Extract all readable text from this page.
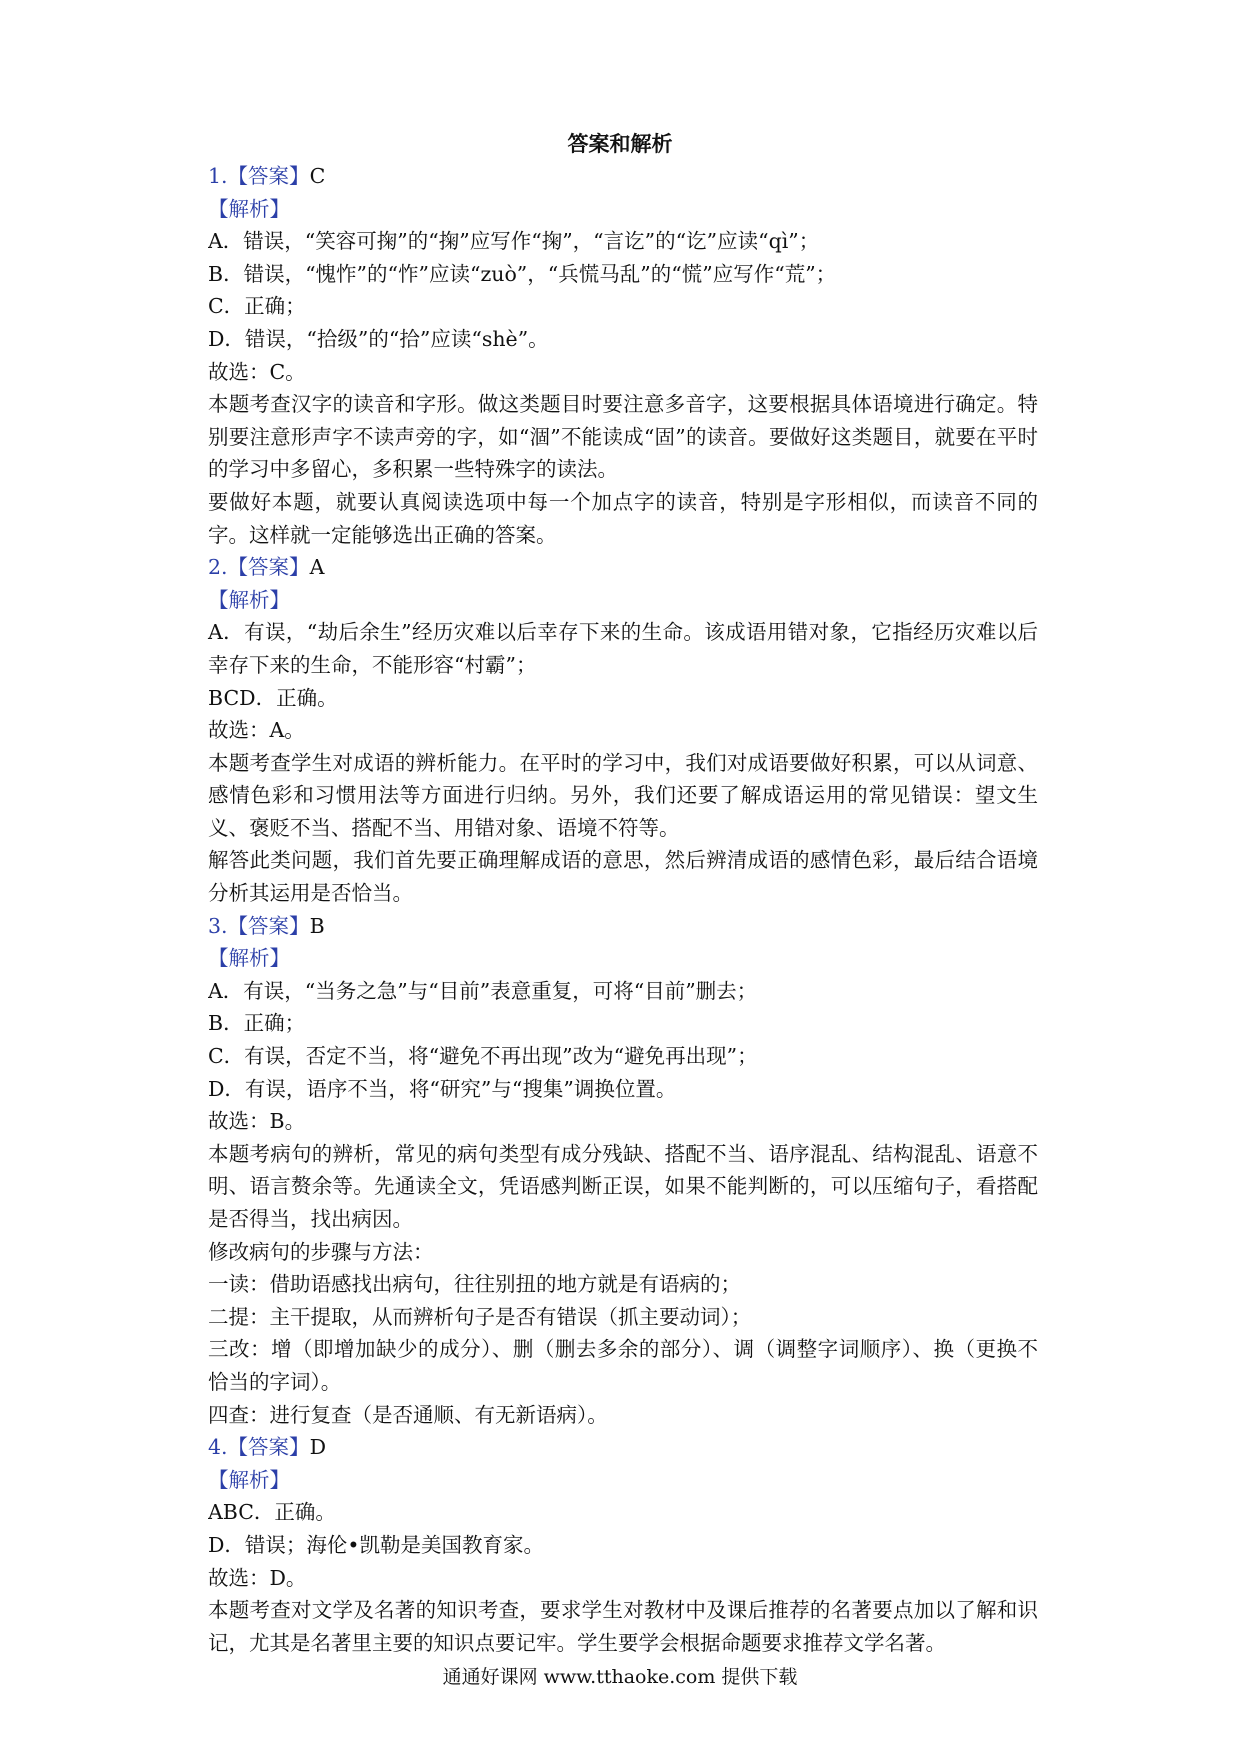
答案和解析
1.【答案】C
【解析】
A．错误，“笑容可掬”的“掬”应写作“掬”，“言讫”的“讫”应读“qì”；
B．错误，“愧怍”的“怍”应读“zuò”，“兵慌马乱”的“慌”应写作“荒”；
C．正确；
D．错误，“拾级”的“拾”应读“shè”。
故选：C。
本题考查汉字的读音和字形。做这类题目时要注意多音字，这要根据具体语境进行确定。特别要注意形声字不读声旁的字，如“涸”不能读成“固”的读音。要做好这类题目，就要在平时的学习中多留心，多积累一些特殊字的读法。
要做好本题，就要认真阅读选项中每一个加点字的读音，特别是字形相似，而读音不同的字。这样就一定能够选出正确的答案。
2.【答案】A
【解析】
A．有误，“劫后余生”经历灾难以后幸存下来的生命。该成语用错对象，它指经历灾难以后幸存下来的生命，不能形容“村霸”；
BCD．正确。
故选：A。
本题考查学生对成语的辨析能力。在平时的学习中，我们对成语要做好积累，可以从词意、感情色彩和习惯用法等方面进行归纳。另外，我们还要了解成语运用的常见错误：望文生义、褒贬不当、搭配不当、用错对象、语境不符等。
解答此类问题，我们首先要正确理解成语的意思，然后辨清成语的感情色彩，最后结合语境分析其运用是否恰当。
3.【答案】B
【解析】
A．有误，“当务之急”与“目前”表意重复，可将“目前”删去；
B．正确；
C．有误，否定不当，将“避免不再出现”改为“避免再出现”；
D．有误，语序不当，将“研究”与“搜集”调换位置。
故选：B。
本题考病句的辨析，常见的病句类型有成分残缺、搭配不当、语序混乱、结构混乱、语意不明、语言赘余等。先通读全文，凭语感判断正误，如果不能判断的，可以压缩句子，看搭配是否得当，找出病因。
修改病句的步骤与方法：
一读：借助语感找出病句，往往别扭的地方就是有语病的；
二提：主干提取，从而辨析句子是否有错误（抓主要动词）；
三改：增（即增加缺少的成分）、删（删去多余的部分）、调（调整字词顺序）、换（更换不恰当的字词）。
四查：进行复查（是否通顺、有无新语病）。
4.【答案】D
【解析】
ABC．正确。
D．错误；海伦•凯勒是美国教育家。
故选：D。
本题考查对文学及名著的知识考查，要求学生对教材中及课后推荐的名著要点加以了解和识记，尤其是名著里主要的知识点要记牢。学生要学会根据命题要求推荐文学名著。
通通好课网 www.tthaoke.com 提供下载
